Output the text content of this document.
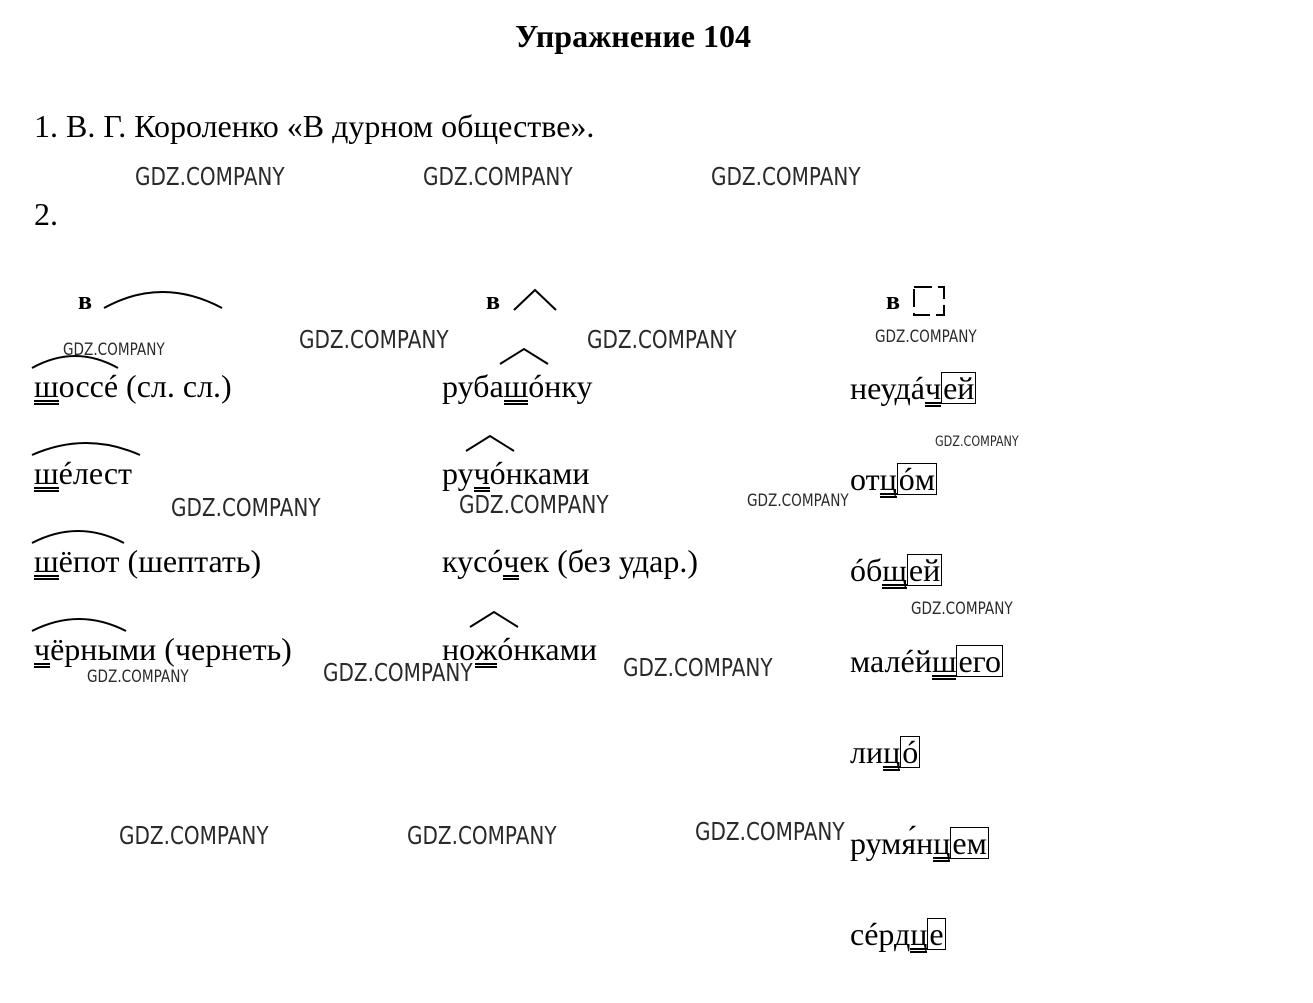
Упражнение 104
1. В. Г. Короленко «В дурном обществе».
2.
в	в	в
шоссé (сл. сл.)
шéлест
шёпот (шептать)
чёрными (чернеть)
руба
шóнку
ру
чóнками
кусóчек (без удар.)
но
жóнками
неудáчей
отцóм
óбщей
малéйшего
лицó
румя́нцем
сéрдце
GDZ.COMPANY	GDZ.COMPANY	GDZ.COMPANY
GDZ.COMPANY	GDZ.COMPANY
GDZ.COMPANY
GDZ.COMPANY
GDZ.COMPANY
GDZ.COMPANY	GDZ.COMPANY	GDZ.COMPANY
GDZ.COMPANY
GDZ.COMPANY	GDZ.COMPANY	GDZ.COMPANY
GDZ.COMPANY	GDZ.COMPANY	GDZ.COMPANY
